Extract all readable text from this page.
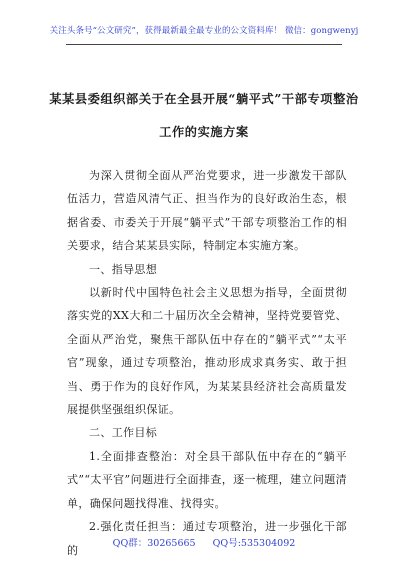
关注头条号“公文研究”，获得最新最全最专业的公文资料库！ 微信：gongwenyj
某某县委组织部关于在全县开展“躺平式”干部专项整治
工作的实施方案

为深入贯彻全面从严治党要求，进一步激发干部队伍活力，营造风清气正、担当作为的良好政治生态，根据省委、市委关于开展“躺平式”干部专项整治工作的相关要求，结合某某县实际，特制定本实施方案。

一、指导思想

以新时代中国特色社会主义思想为指导，全面贯彻落实党的XX大和二十届历次全会精神，坚持党要管党、全面从严治党，聚焦干部队伍中存在的“躺平式”“太平官”现象，通过专项整治，推动形成求真务实、敢于担当、勇于作为的良好作风，为某某县经济社会高质量发展提供坚强组织保证。

二、工作目标

1.全面排查整治：对全县干部队伍中存在的“躺平式”“太平官”问题进行全面排查，逐一梳理，建立问题清单，确保问题找得准、找得实。

2.强化责任担当：通过专项整治，进一步强化干部的	QQ群：30265665 QQ号:535304092
